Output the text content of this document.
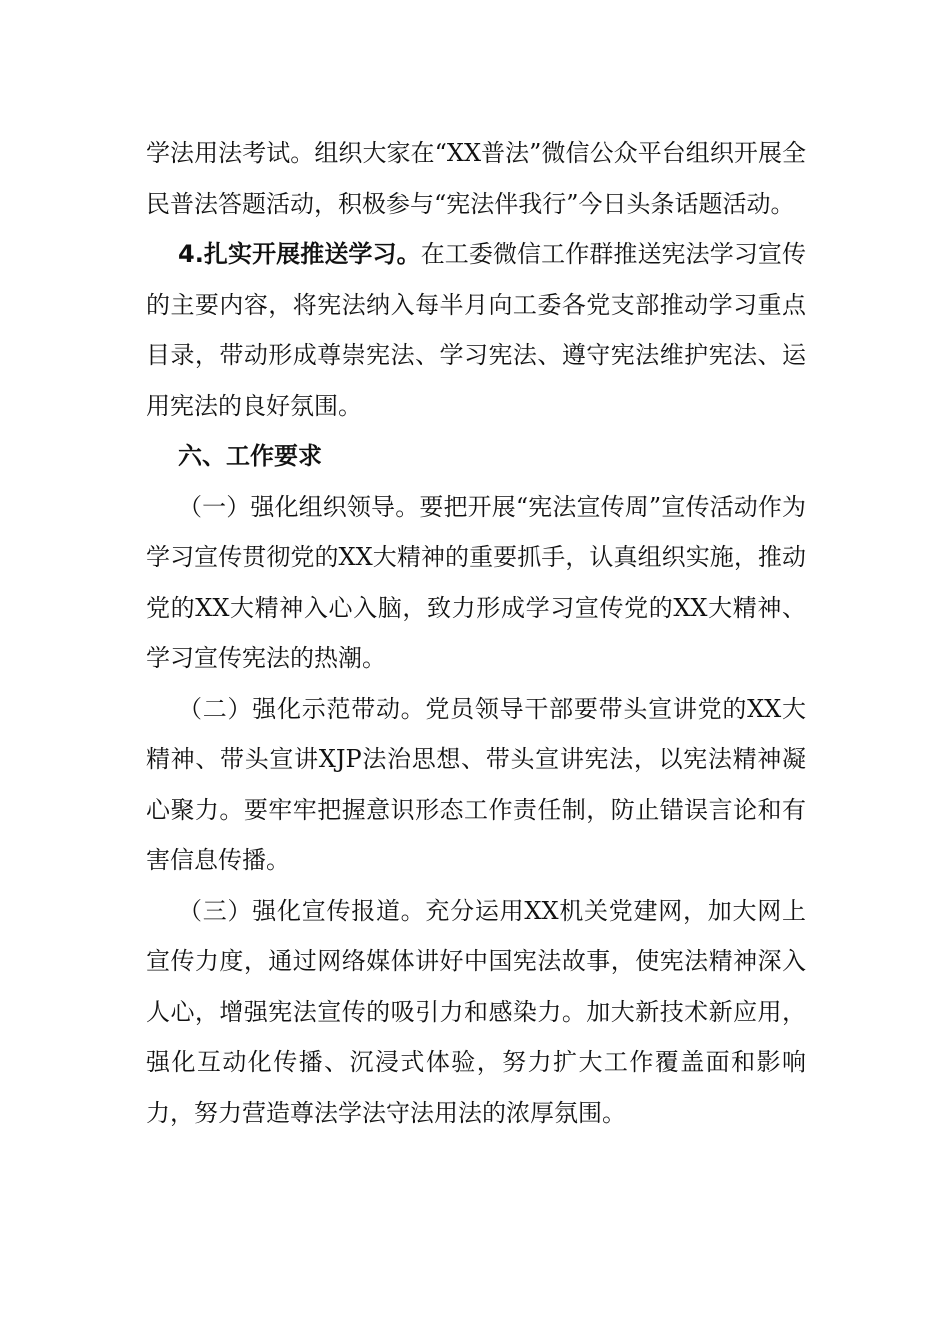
学法用法考试。组织大家在“XX普法”微信公众平台组织开展全民普法答题活动，积极参与“宪法伴我行”今日头条话题活动。

4.扎实开展推送学习。在工委微信工作群推送宪法学习宣传的主要内容，将宪法纳入每半月向工委各党支部推动学习重点目录，带动形成尊崇宪法、学习宪法、遵守宪法维护宪法、运用宪法的良好氛围。

六、工作要求

（一）强化组织领导。要把开展“宪法宣传周”宣传活动作为学习宣传贯彻党的XX大精神的重要抓手，认真组织实施，推动党的XX大精神入心入脑，致力形成学习宣传党的XX大精神、学习宣传宪法的热潮。

（二）强化示范带动。党员领导干部要带头宣讲党的XX大精神、带头宣讲XJP法治思想、带头宣讲宪法，以宪法精神凝心聚力。要牢牢把握意识形态工作责任制，防止错误言论和有害信息传播。

（三）强化宣传报道。充分运用XX机关党建网，加大网上宣传力度，通过网络媒体讲好中国宪法故事，使宪法精神深入人心，增强宪法宣传的吸引力和感染力。加大新技术新应用，强化互动化传播、沉浸式体验，努力扩大工作覆盖面和影响力，努力营造尊法学法守法用法的浓厚氛围。
